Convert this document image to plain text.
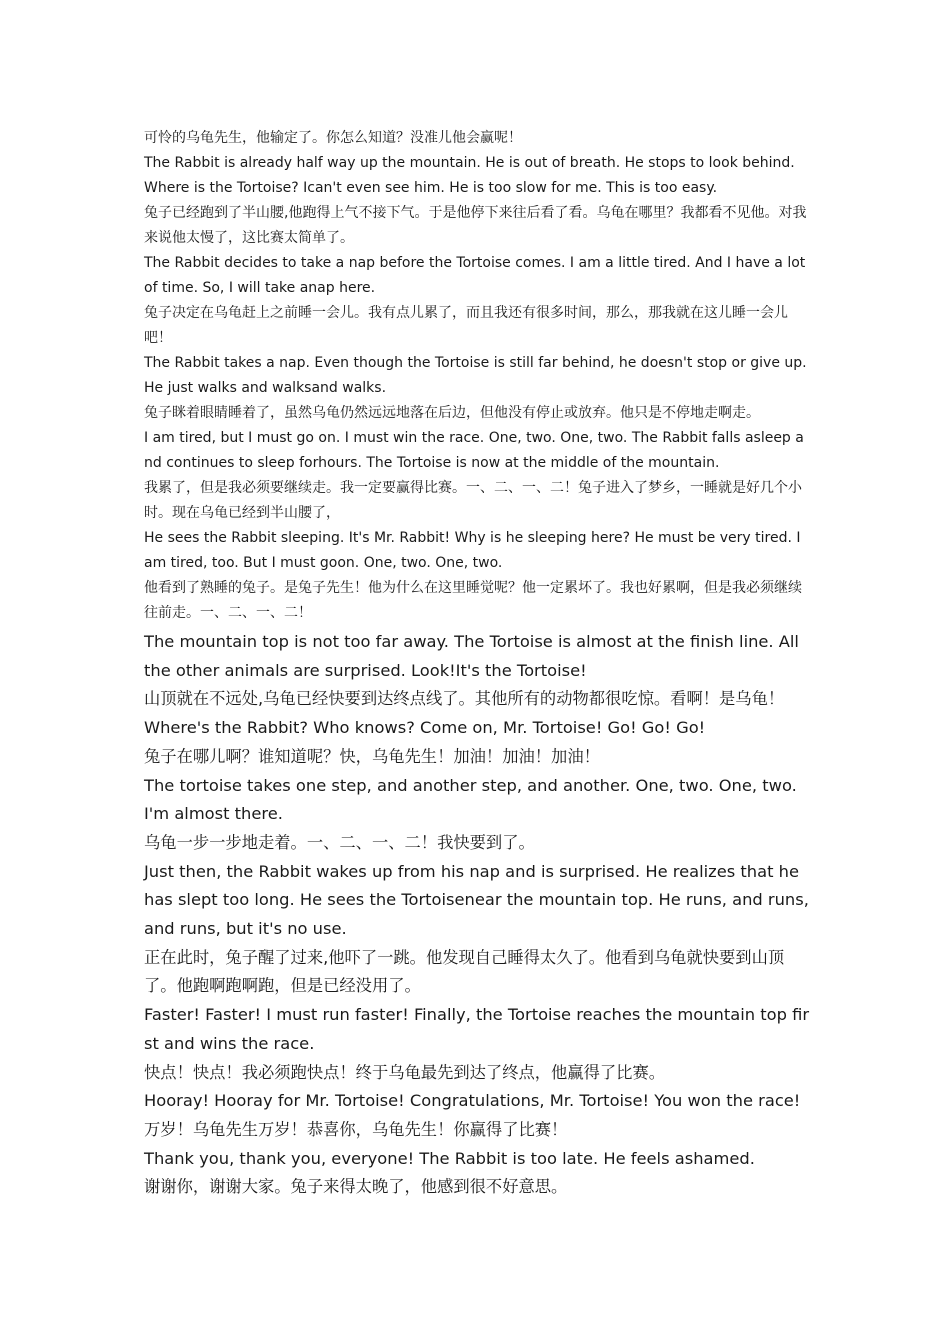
可怜的乌龟先生，他输定了。你怎么知道？没准儿他会赢呢！

The Rabbit is already half way up the mountain. He is out of breath. He stops to look behind. Where is the Tortoise? Ican't even see him. He is too slow for me. This is too easy.

兔子已经跑到了半山腰,他跑得上气不接下气。于是他停下来往后看了看。乌龟在哪里？我都看不见他。对我来说他太慢了，这比赛太简单了。

The Rabbit decides to take a nap before the Tortoise comes. I am a little tired. And I have a lot of time. So, I will take anap here.

兔子决定在乌龟赶上之前睡一会儿。我有点儿累了，而且我还有很多时间，那么，那我就在这儿睡一会儿吧！

The Rabbit takes a nap. Even though the Tortoise is still far behind, he doesn't stop or give up. He just walks and walksand walks.

兔子眯着眼睛睡着了，虽然乌龟仍然远远地落在后边，但他没有停止或放弃。他只是不停地走啊走。

I am tired, but I must go on. I must win the race. One, two. One, two. The Rabbit falls asleep and continues to sleep forhours. The Tortoise is now at the middle of the mountain.

我累了，但是我必须要继续走。我一定要赢得比赛。一、二、一、二！兔子进入了梦乡，一睡就是好几个小时。现在乌龟已经到半山腰了，

He sees the Rabbit sleeping. It's Mr. Rabbit! Why is he sleeping here? He must be very tired. I am tired, too. But I must goon. One, two. One, two.

他看到了熟睡的兔子。是兔子先生！他为什么在这里睡觉呢？他一定累坏了。我也好累啊，但是我必须继续往前走。一、二、一、二！

The mountain top is not too far away. The Tortoise is almost at the finish line. All the other animals are surprised. Look!It's the Tortoise!

山顶就在不远处,乌龟已经快要到达终点线了。其他所有的动物都很吃惊。看啊！是乌龟！

Where's the Rabbit? Who knows? Come on, Mr. Tortoise! Go! Go! Go!

兔子在哪儿啊？谁知道呢？快，乌龟先生！加油！加油！加油！

The tortoise takes one step, and another step, and another. One, two. One, two. I'm almost there.

乌龟一步一步地走着。一、二、一、二！我快要到了。

Just then, the Rabbit wakes up from his nap and is surprised. He realizes that he has slept too long. He sees the Tortoisenear the mountain top. He runs, and runs, and runs, but it's no use.

正在此时，兔子醒了过来,他吓了一跳。他发现自己睡得太久了。他看到乌龟就快要到山顶了。他跑啊跑啊跑，但是已经没用了。

Faster! Faster! I must run faster! Finally, the Tortoise reaches the mountain top first and wins the race.

快点！快点！我必须跑快点！终于乌龟最先到达了终点，他赢得了比赛。

Hooray! Hooray for Mr. Tortoise! Congratulations, Mr. Tortoise! You won the race!

万岁！乌龟先生万岁！恭喜你，乌龟先生！你赢得了比赛！

Thank you, thank you, everyone! The Rabbit is too late. He feels ashamed.

谢谢你，谢谢大家。兔子来得太晚了，他感到很不好意思。
